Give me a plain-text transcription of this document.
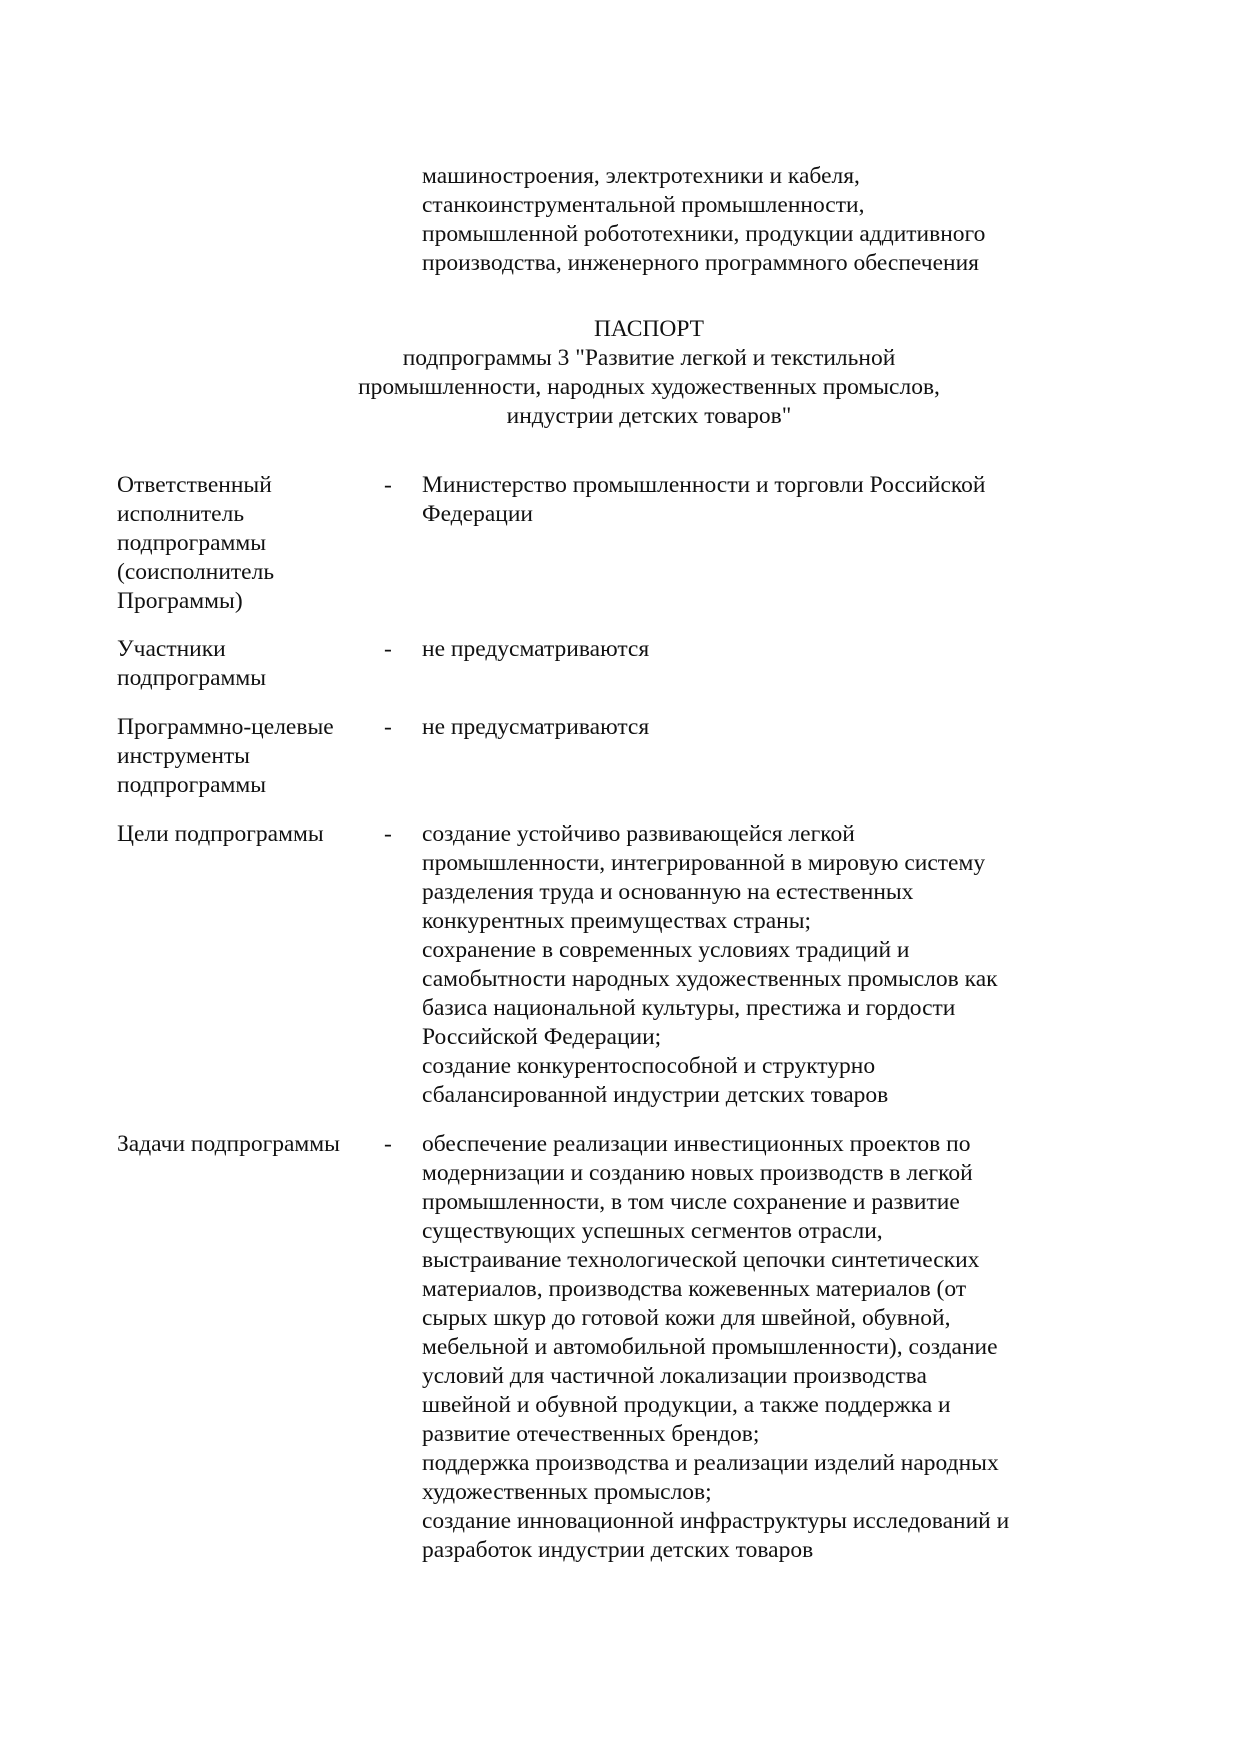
машиностроения, электротехники и кабеля,
станкоинструментальной промышленности,
промышленной робототехники, продукции аддитивного
производства, инженерного программного обеспечения
ПАСПОРТ
подпрограммы 3 "Развитие легкой и текстильной
промышленности, народных художественных промыслов,
индустрии детских товаров"
Ответственный
исполнитель
подпрограммы
(соисполнитель
Программы)
- Министерство промышленности и торговли Российской
Федерации
Участники
подпрограммы
- не предусматриваются
Программно-целевые
инструменты
подпрограммы
- не предусматриваются
Цели подпрограммы	- создание устойчиво развивающейся легкой
промышленности, интегрированной в мировую систему
разделения труда и основанную на естественных
конкурентных преимуществах страны;
сохранение в современных условиях традиций и
самобытности народных художественных промыслов как
базиса национальной культуры, престижа и гордости
Российской Федерации;
создание конкурентоспособной и структурно
сбалансированной индустрии детских товаров
Задачи подпрограммы - обеспечение реализации инвестиционных проектов по
модернизации и созданию новых производств в легкой
промышленности, в том числе сохранение и развитие
существующих успешных сегментов отрасли,
выстраивание технологической цепочки синтетических
материалов, производства кожевенных материалов (от
сырых шкур до готовой кожи для швейной, обувной,
мебельной и автомобильной промышленности), создание
условий для частичной локализации производства
швейной и обувной продукции, а также поддержка и
развитие отечественных брендов;
поддержка производства и реализации изделий народных
художественных промыслов;
создание инновационной инфраструктуры исследований и
разработок индустрии детских товаров
